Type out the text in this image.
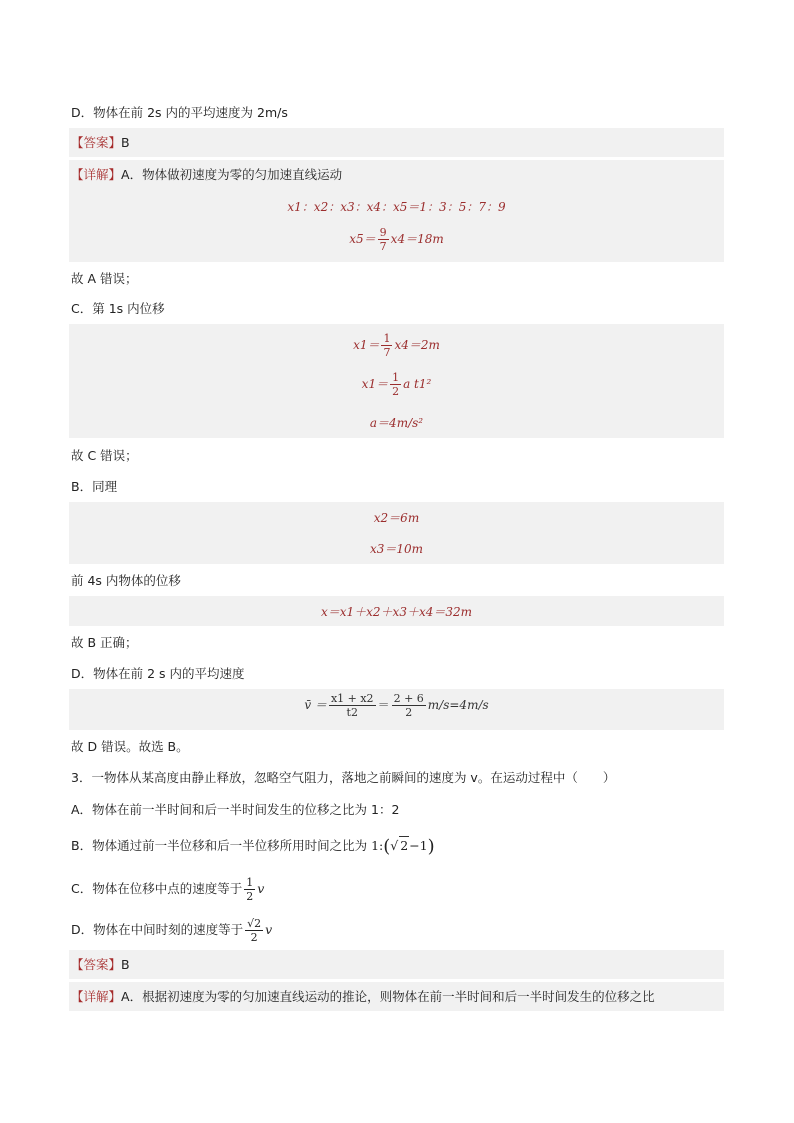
D．物体在前 2s 内的平均速度为 2m/s
【答案】B
【详解】A．物体做初速度为零的匀加速直线运动
x1：x2：x3：x4：x5＝1：3：5：7：9
$x5= \frac{9}{7} x4=18m$
故 A 错误；
C．第 1s 内位移
$x1= \frac{1}{7} x4=2m$
$x1= \frac{1}{2}$ a t1²
a＝4m/s²
故 C 错误；
B．同理
x2＝6m
x3＝10m
前 4s 内物体的位移
x＝x1＋x2＋x3＋x4＝32m
故 B 正确；
D．物体在前 2 s 内的平均速度
v̄ ＝ $\frac{x1 + x2}{t2} = \frac{2 + 6}{2} m/s=4m/s$
故 D 错误。故选 B。
3．一物体从某高度由静止释放，忽略空气阻力，落地之前瞬间的速度为 v。在运动过程中（　　）
A．物体在前一半时间和后一半时间发生的位移之比为 1：2
B．物体通过前一半位移和后一半位移所用时间之比为 1:(√ 2−1)
C．物体在位移中点的速度等于 $\frac{1}{2}$ v
D．物体在中间时刻的速度等于 $\frac{√2}{2}$ v
【答案】B
【详解】A．根据初速度为零的匀加速直线运动的推论，则物体在前一半时间和后一半时间发生的位移之比
